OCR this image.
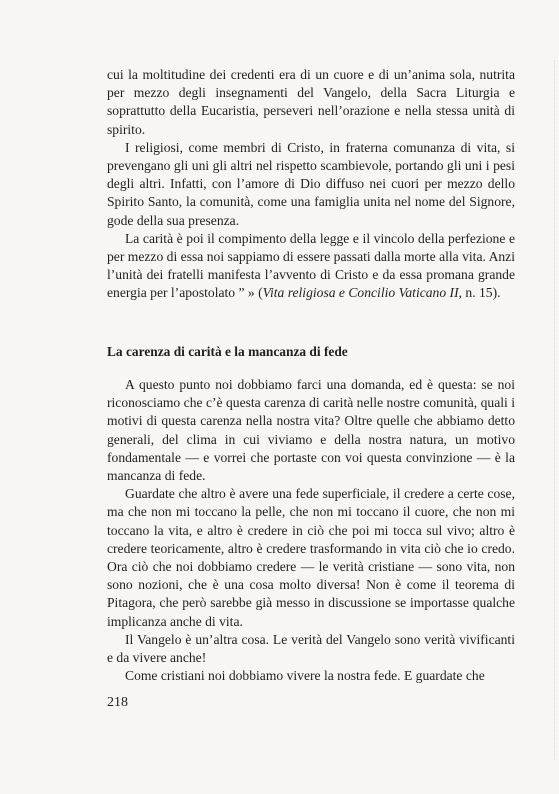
cui la moltitudine dei credenti era di un cuore e di un’anima sola, nutrita per mezzo degli insegnamenti del Vangelo, della Sacra Liturgia e soprattutto della Eucaristia, perseveri nell’orazione e nella stessa unità di spirito.

I religiosi, come membri di Cristo, in fraterna comunanza di vita, si prevengano gli uni gli altri nel rispetto scambievole, portando gli uni i pesi degli altri. Infatti, con l’amore di Dio diffuso nei cuori per mezzo dello Spirito Santo, la comunità, come una famiglia unita nel nome del Signore, gode della sua presenza.

La carità è poi il compimento della legge e il vincolo della perfezione e per mezzo di essa noi sappiamo di essere passati dalla morte alla vita. Anzi l’unità dei fratelli manifesta l’avvento di Cristo e da essa promana grande energia per l’apostolato ” » (Vita religiosa e Concilio Vaticano II, n. 15).

La carenza di carità e la mancanza di fede

A questo punto noi dobbiamo farci una domanda, ed è questa: se noi riconosciamo che c’è questa carenza di carità nelle nostre comunità, quali i motivi di questa carenza nella nostra vita? Oltre quelle che abbiamo detto generali, del clima in cui viviamo e della nostra natura, un motivo fondamentale — e vorrei che portaste con voi questa convinzione — è la mancanza di fede.

Guardate che altro è avere una fede superficiale, il credere a certe cose, ma che non mi toccano la pelle, che non mi toccano il cuore, che non mi toccano la vita, e altro è credere in ciò che poi mi tocca sul vivo; altro è credere teoricamente, altro è credere trasformando in vita ciò che io credo. Ora ciò che noi dobbiamo credere — le verità cristiane — sono vita, non sono nozioni, che è una cosa molto diversa! Non è come il teorema di Pitagora, che però sarebbe già messo in discussione se importasse qualche implicanza anche di vita.

Il Vangelo è un’altra cosa. Le verità del Vangelo sono verità vivificanti e da vivere anche!

Come cristiani noi dobbiamo vivere la nostra fede. E guardate che

218
